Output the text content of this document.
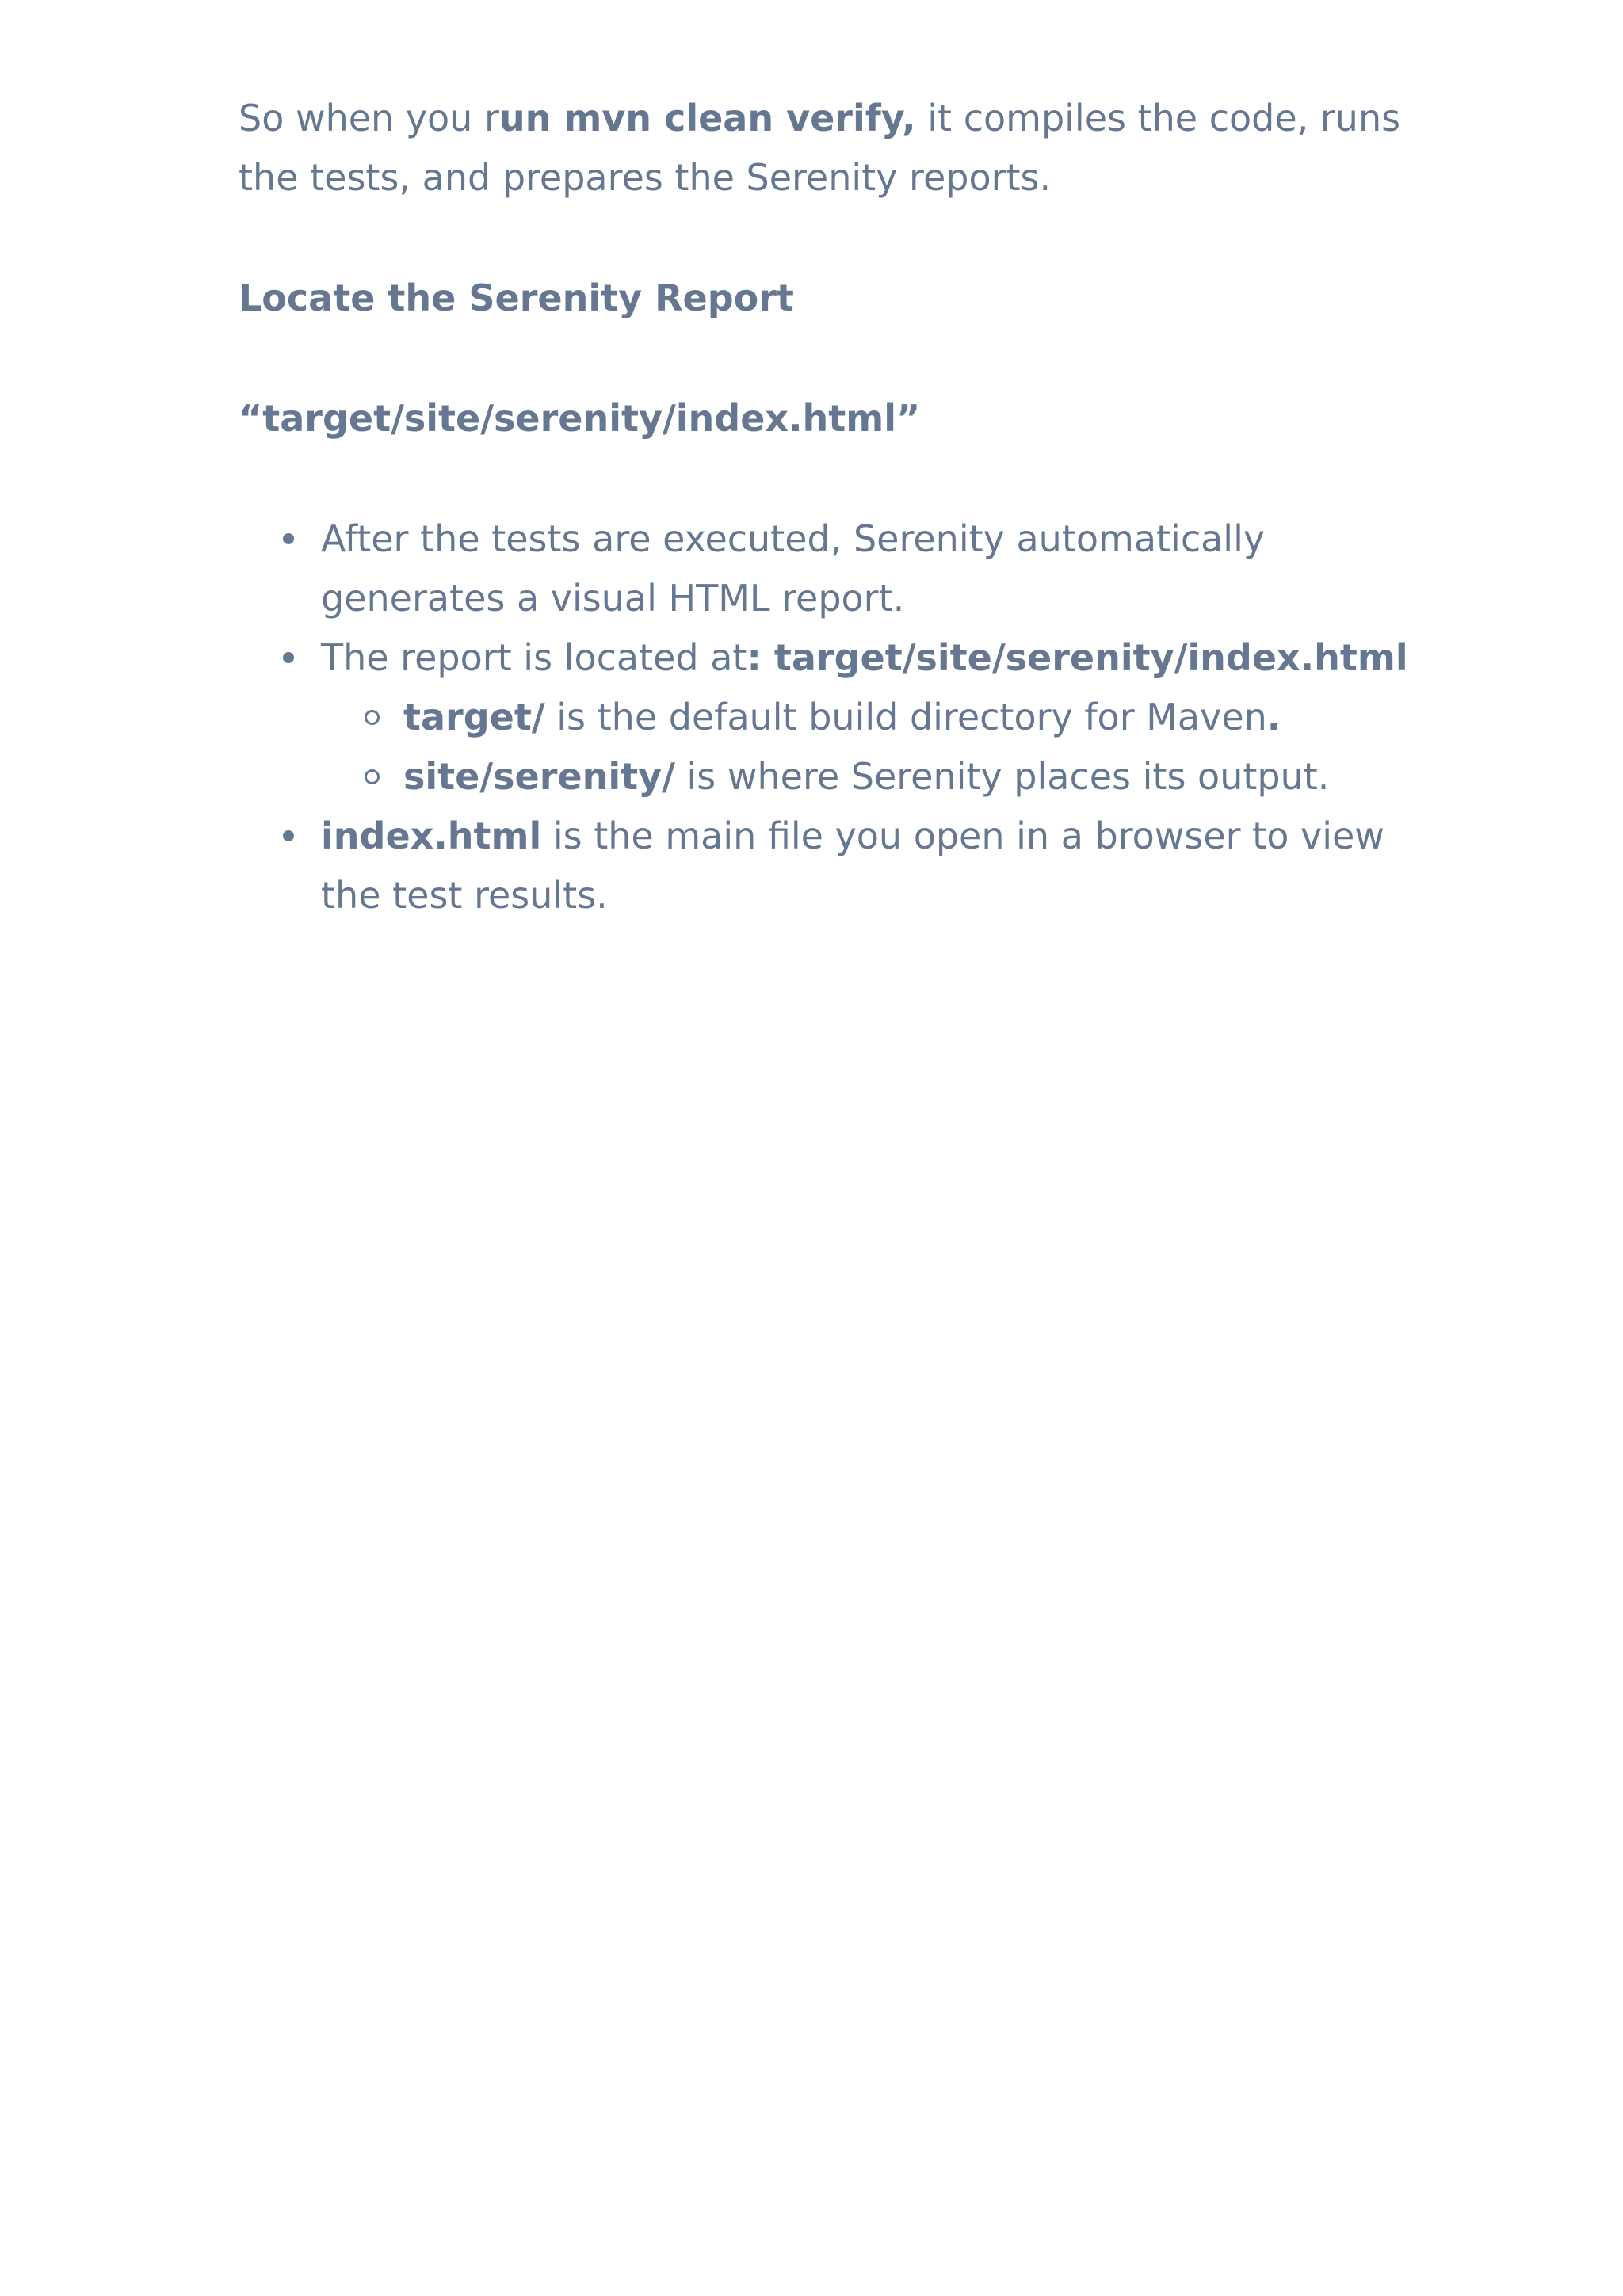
So when you run mvn clean verify, it compiles the code, runs the tests, and prepares the Serenity reports.

Locate the Serenity Report
“target/site/serenity/index.html”
After the tests are executed, Serenity automatically generates a visual HTML report.
The report is located at: target/site/serenity/index.html
target/ is the default build directory for Maven.
site/serenity/ is where Serenity places its output.
index.html is the main file you open in a browser to view the test results.
